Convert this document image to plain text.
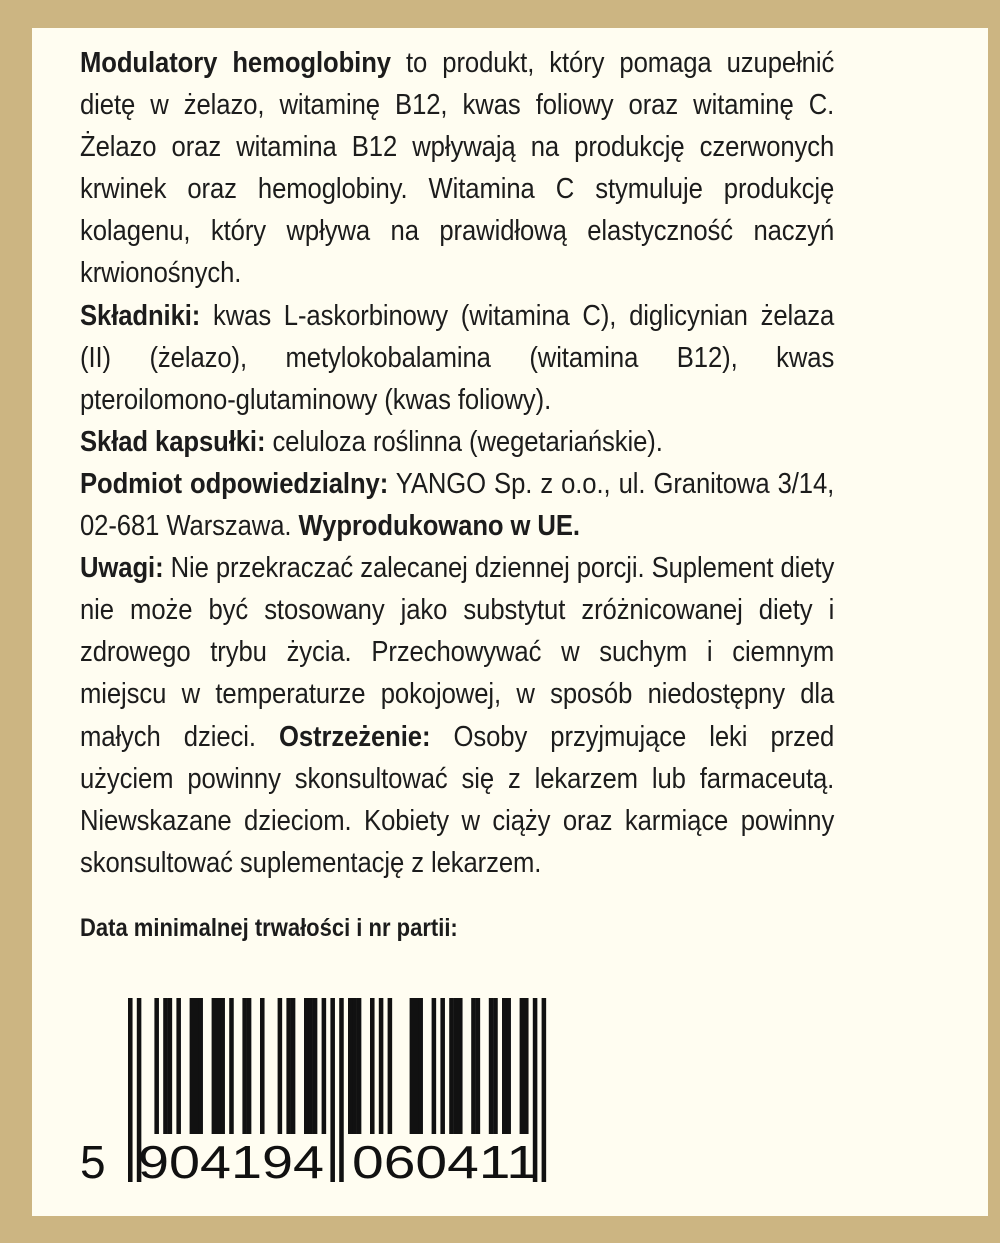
Modulatory hemoglobiny to produkt, który pomaga uzupełnić dietę w żelazo, witaminę B12, kwas foliowy oraz witaminę C. Żelazo oraz witamina B12 wpływają na produkcję czerwonych krwinek oraz hemoglobiny. Witamina C stymuluje produkcję kolagenu, który wpływa na prawidłową elastyczność naczyń krwionośnych.

Składniki: kwas L-askorbinowy (witamina C), diglicynian żelaza (II) (żelazo), metylokobalamina (witamina B12), kwas pteroilomono-glutaminowy (kwas foliowy).

Skład kapsułki: celuloza roślinna (wegetariańskie).

Podmiot odpowiedzialny: YANGO Sp. z o.o., ul. Granitowa 3/14, 02-681 Warszawa. Wyprodukowano w UE.

Uwagi: Nie przekraczać zalecanej dziennej porcji. Suplement diety nie może być stosowany jako substytut zróżnicowanej diety i zdrowego trybu życia. Przechowywać w suchym i ciemnym miejscu w temperaturze pokojowej, w sposób niedostępny dla małych dzieci. Ostrzeżenie: Osoby przyjmujące leki przed użyciem powinny skonsultować się z lekarzem lub farmaceutą. Niewskazane dzieciom. Kobiety w ciąży oraz karmiące powinny skonsultować suplementację z lekarzem.

Data minimalnej trwałości i nr partii:
5 904194 060411
